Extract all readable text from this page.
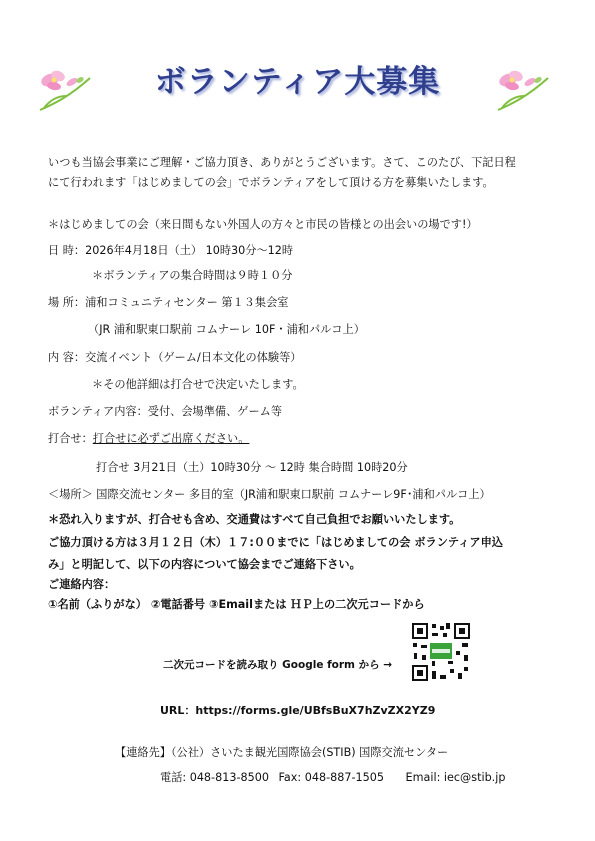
ボランティア大募集
いつも当協会事業にご理解・ご協力頂き、ありがとうございます。さて、このたび、下記日程
にて行われます「はじめましての会」でボランティアをして頂ける方を募集いたします。
＊はじめましての会（来日間もない外国人の方々と市民の皆様との出会いの場です!）
日 時：2026年4月18日（土） 10時30分～12時
＊ボランティアの集合時間は９時１０分
場 所：浦和コミュニティセンター 第１３集会室
（JR 浦和駅東口駅前 コムナーレ 10F・浦和パルコ上）
内 容：交流イベント（ゲーム/日本文化の体験等）
＊その他詳細は打合せで決定いたします。
ボランティア内容：受付、会場準備、ゲーム等
打合せ：打合せに必ずご出席ください。
打合せ 3月21日（土）10時30分 ～ 12時 集合時間 10時20分
＜場所＞ 国際交流センター 多目的室（JR浦和駅東口駅前 コムナーレ9F･浦和パルコ上）
＊恐れ入りますが、打合せも含め、交通費はすべて自己負担でお願いいたします。
ご協力頂ける方は３月１２日（木）１７:００までに「はじめましての会 ボランティア申込
み」と明記して、以下の内容について協会までご連絡下さい。
ご連絡内容：
①名前（ふりがな） ②電話番号 ③Emailまたは ＨＰ上の二次元コードから
二次元コードを読み取り Google form から →
URL：https://forms.gle/UBfsBuX7hZvZX2YZ9
【連絡先】（公社）さいたま観光国際協会(STIB) 国際交流センター
電話: 048-813-8500 Fax: 048-887-1505 Email: iec@stib.jp
